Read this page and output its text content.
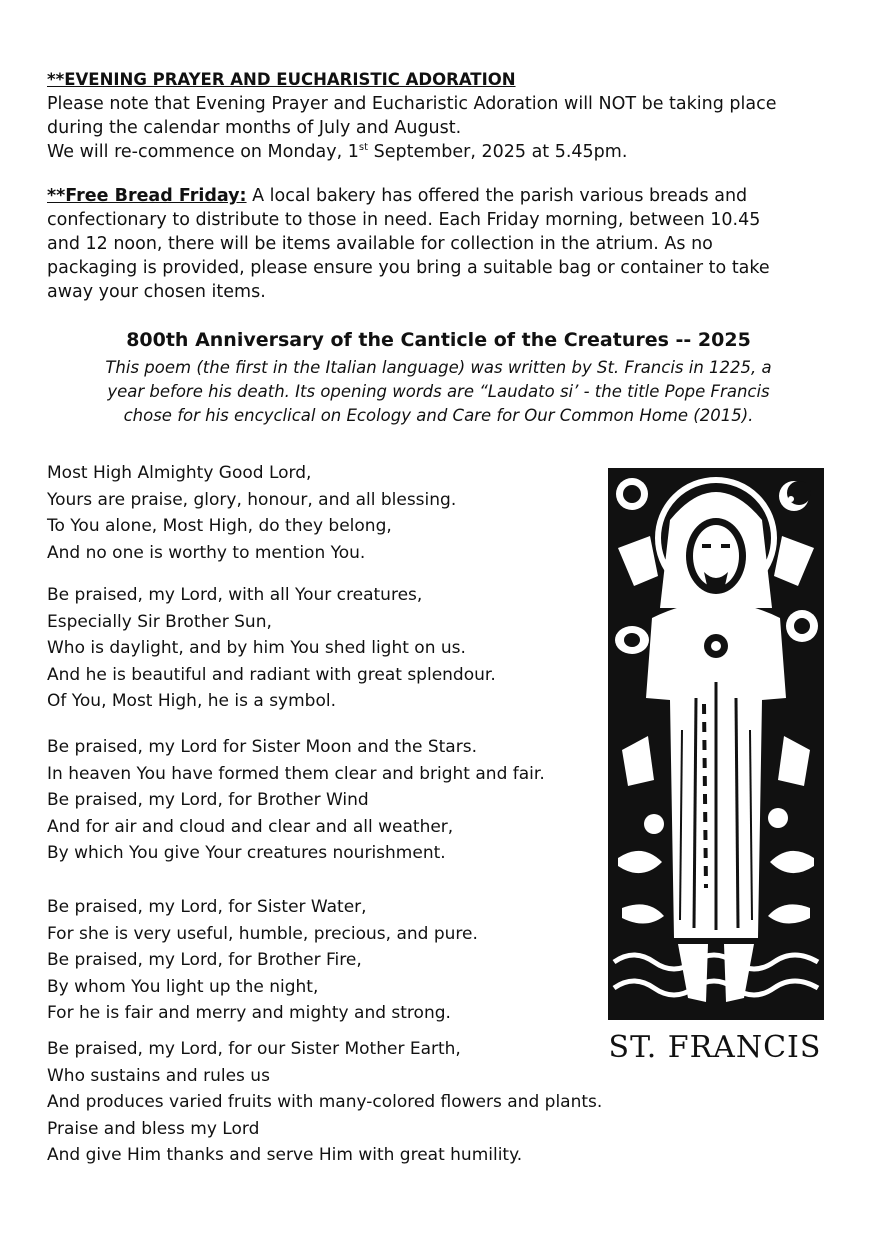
**EVENING PRAYER AND EUCHARISTIC ADORATION
Please note that Evening Prayer and Eucharistic Adoration will NOT be taking place
during the calendar months of July and August.
We will re-commence on Monday, 1st September, 2025 at 5.45pm.
**Free Bread Friday: A local bakery has offered the parish various breads and
confectionary to distribute to those in need. Each Friday morning, between 10.45
and 12 noon, there will be items available for collection in the atrium. As no
packaging is provided, please ensure you bring a suitable bag or container to take
away your chosen items.
800th Anniversary of the Canticle of the Creatures -- 2025
This poem (the first in the Italian language) was written by St. Francis in 1225, a
year before his death. Its opening words are “Laudato si’ - the title Pope Francis
chose for his encyclical on Ecology and Care for Our Common Home (2015).
Most High Almighty Good Lord,
Yours are praise, glory, honour, and all blessing.
To You alone, Most High, do they belong,
And no one is worthy to mention You.
Be praised, my Lord, with all Your creatures,
Especially Sir Brother Sun,
Who is daylight, and by him You shed light on us.
And he is beautiful and radiant with great splendour.
Of You, Most High, he is a symbol.
Be praised, my Lord for Sister Moon and the Stars.
In heaven You have formed them clear and bright and fair.
Be praised, my Lord, for Brother Wind
And for air and cloud and clear and all weather,
By which You give Your creatures nourishment.
Be praised, my Lord, for Sister Water,
For she is very useful, humble, precious, and pure.
Be praised, my Lord, for Brother Fire,
By whom You light up the night,
For he is fair and merry and mighty and strong.
Be praised, my Lord, for our Sister Mother Earth,
Who sustains and rules us
And produces varied fruits with many-colored flowers and plants.
Praise and bless my Lord
And give Him thanks and serve Him with great humility.
ST. FRANCIS
